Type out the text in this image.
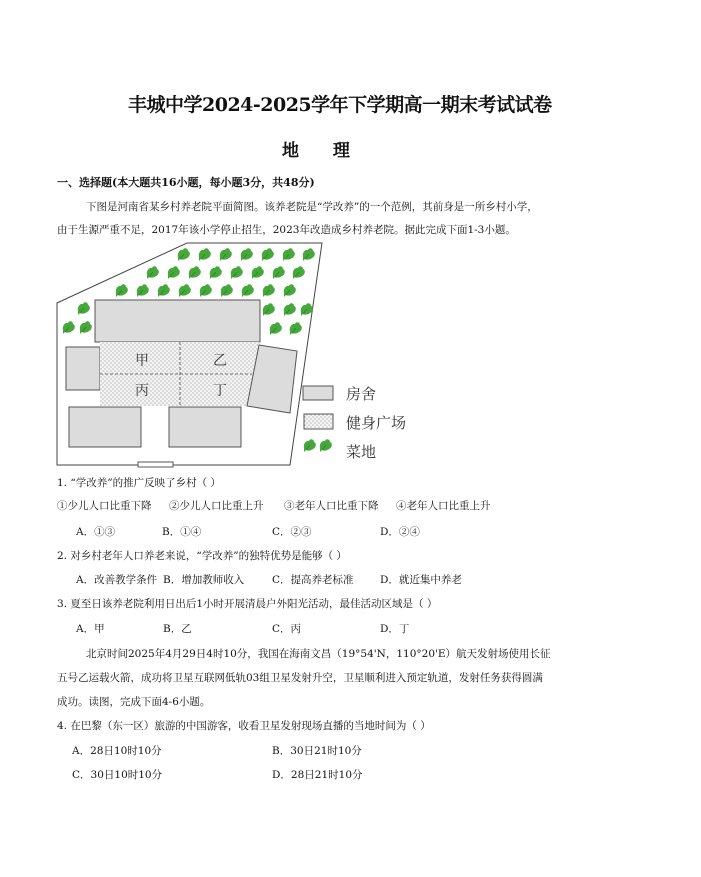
丰城中学2024-2025学年下学期高一期末考试试卷
地 理
一、选择题(本大题共16小题，每小题3分，共48分)
下图是河南省某乡村养老院平面简图。该养老院是“学改养”的一个范例，其前身是一所乡村小学，
由于生源严重不足，2017年该小学停止招生，2023年改造成乡村养老院。据此完成下面1-3小题。
甲	乙
丙	丁	房舍
健身广场
菜地
1. “学改养”的推广反映了乡村（ ）
①少儿人口比重下降 ②少儿人口比重上升 ③老年人口比重下降 ④老年人口比重上升
A．①③	B．①④	C．②③	D．②④
2. 对乡村老年人口养老来说，“学改养”的独特优势是能够（ ）
A．改善教学条件 B．增加教师收入	C．提高养老标准	D．就近集中养老
3. 夏至日该养老院利用日出后1小时开展清晨户外阳光活动，最佳活动区域是（ ）
A．甲	B．乙	C．丙	D．丁
北京时间2025年4月29日4时10分，我国在海南文昌（19°54'N，110°20'E）航天发射场使用长征
五号乙运载火箭，成功将卫星互联网低轨03组卫星发射升空，卫星顺利进入预定轨道，发射任务获得圆满
成功。读图，完成下面4-6小题。
4. 在巴黎（东一区）旅游的中国游客，收看卫星发射现场直播的当地时间为（ ）
A．28日10时10分	B．30日21时10分
C．30日10时10分	D．28日21时10分
